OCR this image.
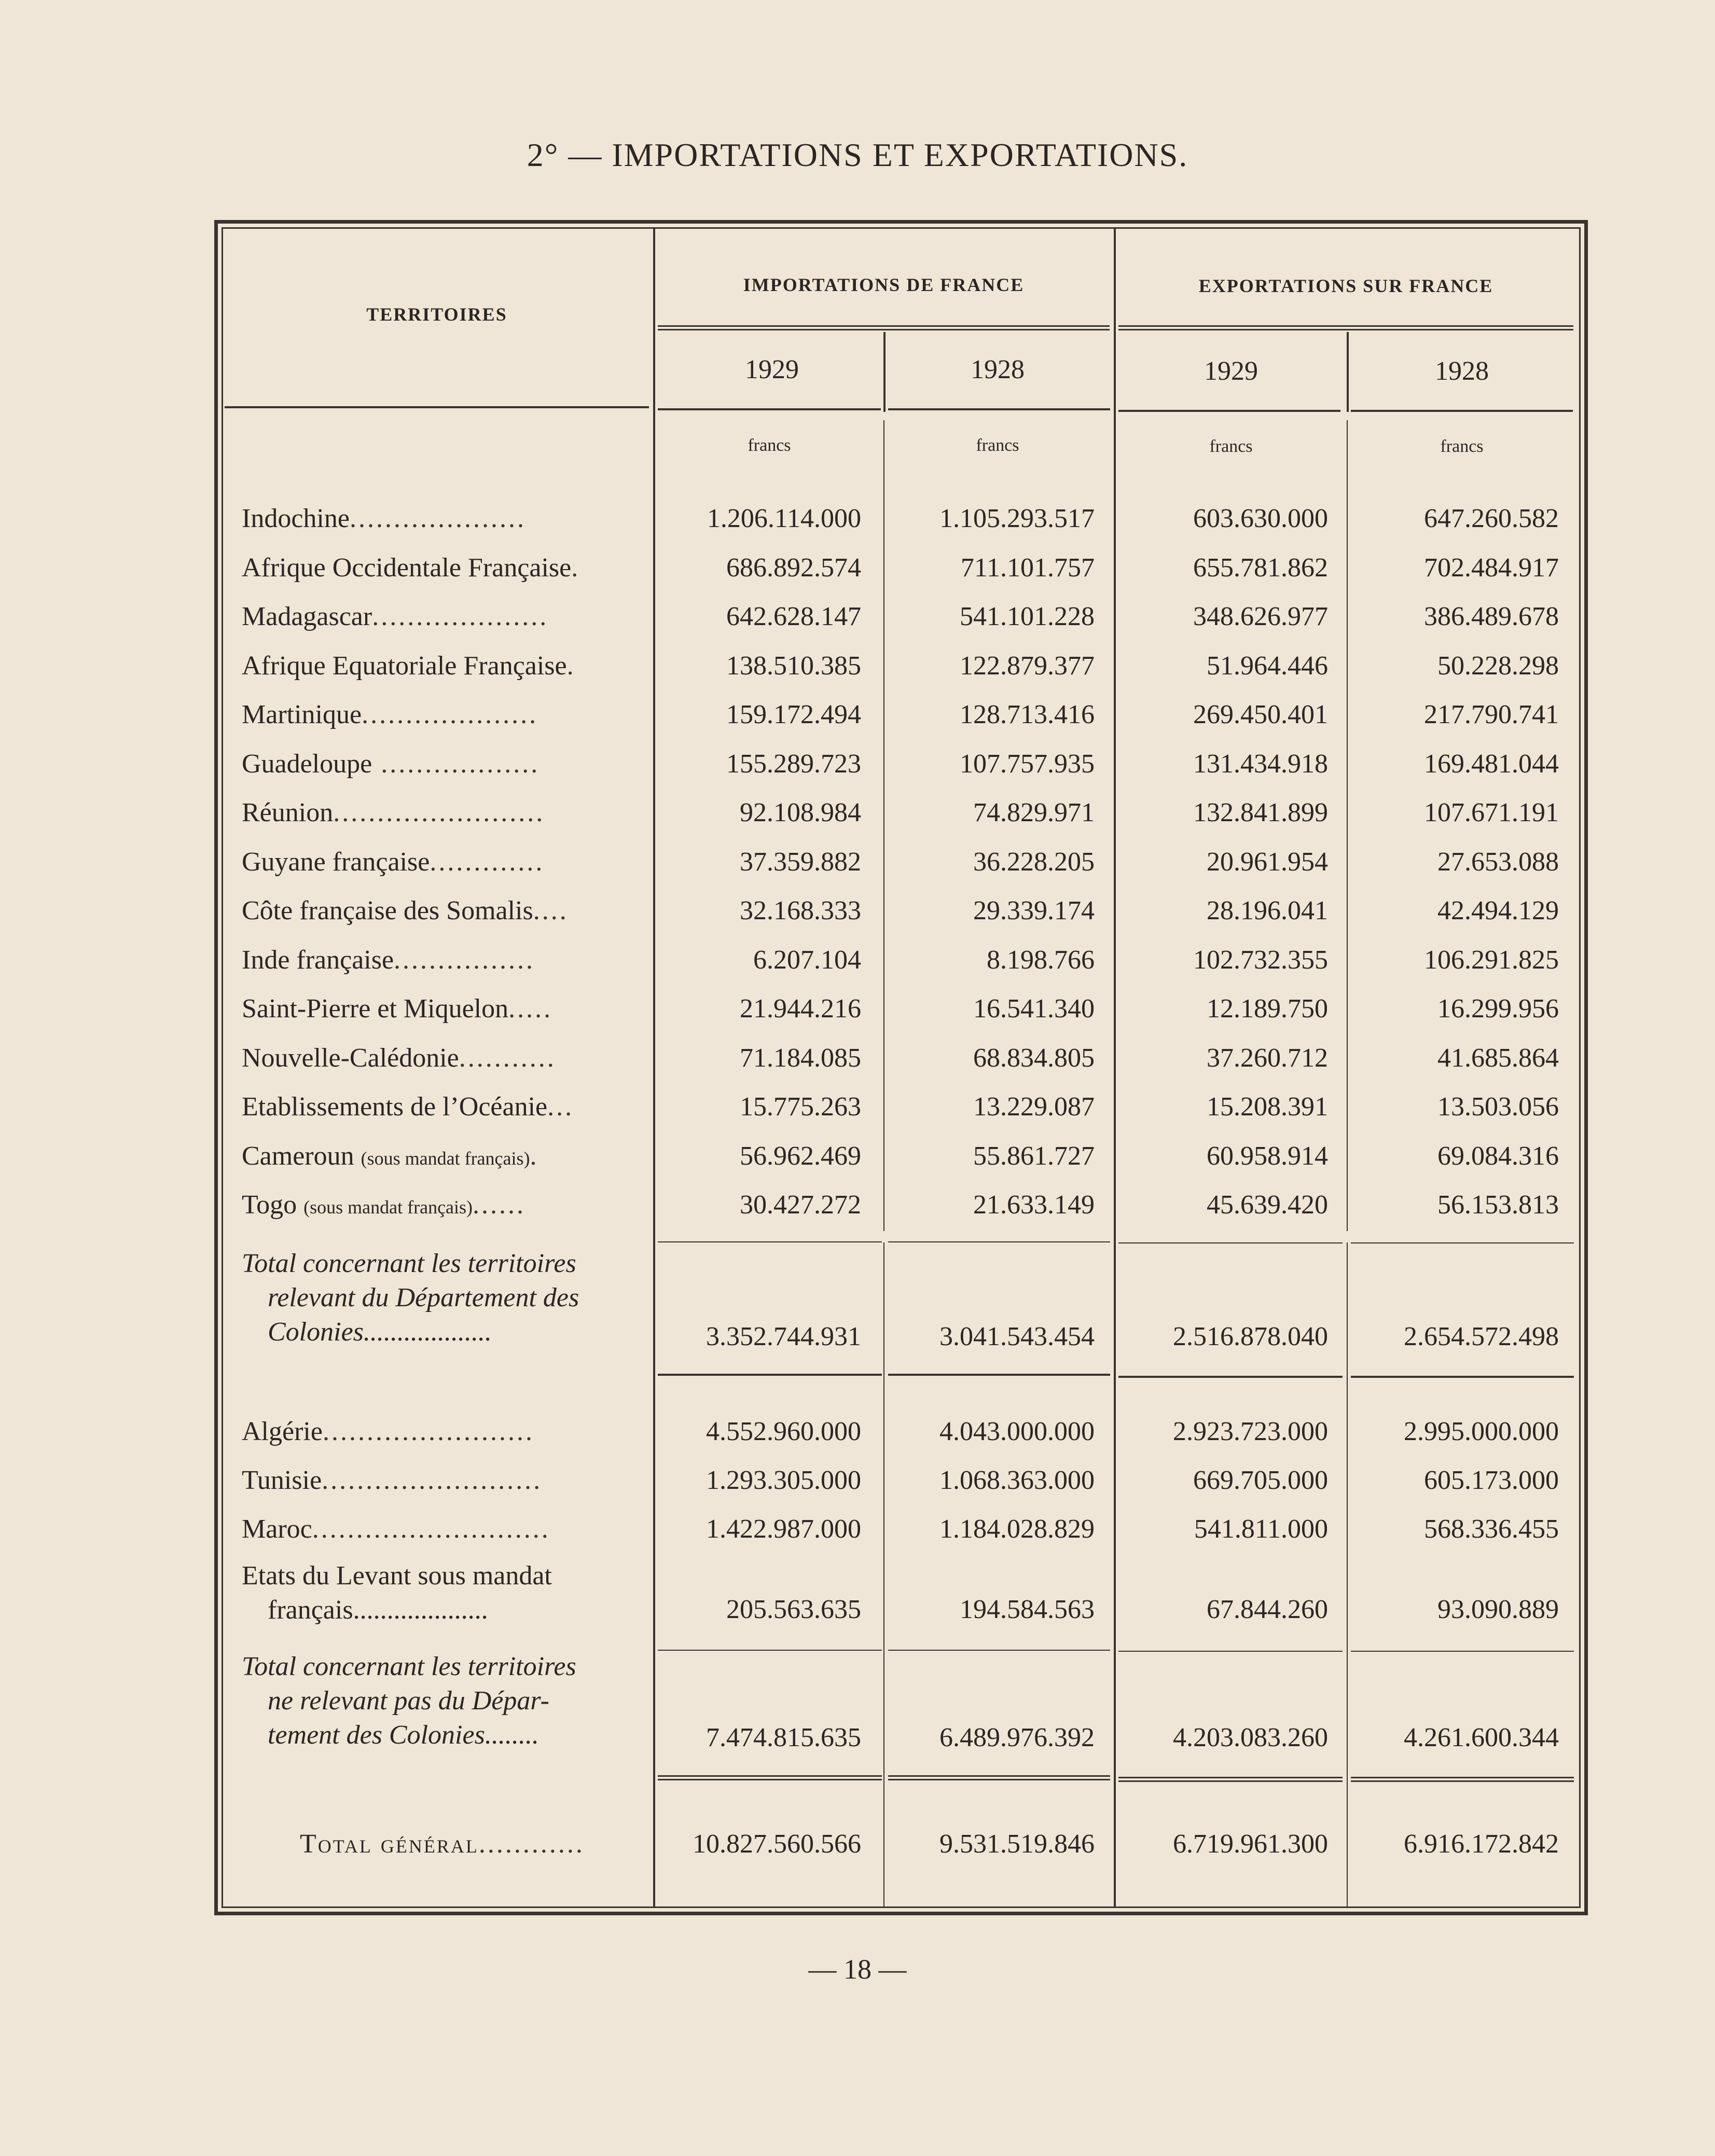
2° — IMPORTATIONS ET EXPORTATIONS.
TERRITOIRES
IMPORTATIONS DE FRANCE	EXPORTATIONS SUR FRANCE
1929	1928	1929	1928
francs	francs	francs	francs
Indochine....................	1.206.114.000	1.105.293.517	603.630.000	647.260.582
Afrique Occidentale Française.	686.892.574	711.101.757	655.781.862	702.484.917
Madagascar....................	642.628.147	541.101.228	348.626.977	386.489.678
Afrique Equatoriale Française.	138.510.385	122.879.377	51.964.446	50.228.298
Martinique....................	159.172.494	128.713.416	269.450.401	217.790.741
Guadeloupe ..................	155.289.723	107.757.935	131.434.918	169.481.044
Réunion........................	92.108.984	74.829.971	132.841.899	107.671.191
Guyane française.............	37.359.882	36.228.205	20.961.954	27.653.088
Côte française des Somalis....	32.168.333	29.339.174	28.196.041	42.494.129
Inde française................	6.207.104	8.198.766	102.732.355	106.291.825
Saint-Pierre et Miquelon.....	21.944.216	16.541.340	12.189.750	16.299.956
Nouvelle-Calédonie...........	71.184.085	68.834.805	37.260.712	41.685.864
Etablissements de l’Océanie...	15.775.263	13.229.087	15.208.391	13.503.056
Cameroun (sous mandat français).	56.962.469	55.861.727	60.958.914	69.084.316
Togo (sous mandat français)......	30.427.272	21.633.149	45.639.420	56.153.813
Total concernant les territoires
relevant du Département des
Colonies...................	3.352.744.931	3.041.543.454	2.516.878.040	2.654.572.498
Algérie........................	4.552.960.000	4.043.000.000	2.923.723.000	2.995.000.000
Tunisie.........................	1.293.305.000	1.068.363.000	669.705.000	605.173.000
Maroc...........................	1.422.987.000	1.184.028.829	541.811.000	568.336.455
Etats du Levant sous mandat
français....................	205.563.635	194.584.563	67.844.260	93.090.889
Total concernant les territoires
ne relevant pas du Dépar-
tement des Colonies........	7.474.815.635	6.489.976.392	4.203.083.260	4.261.600.344
Total général............	10.827.560.566	9.531.519.846	6.719.961.300	6.916.172.842
— 18 —
